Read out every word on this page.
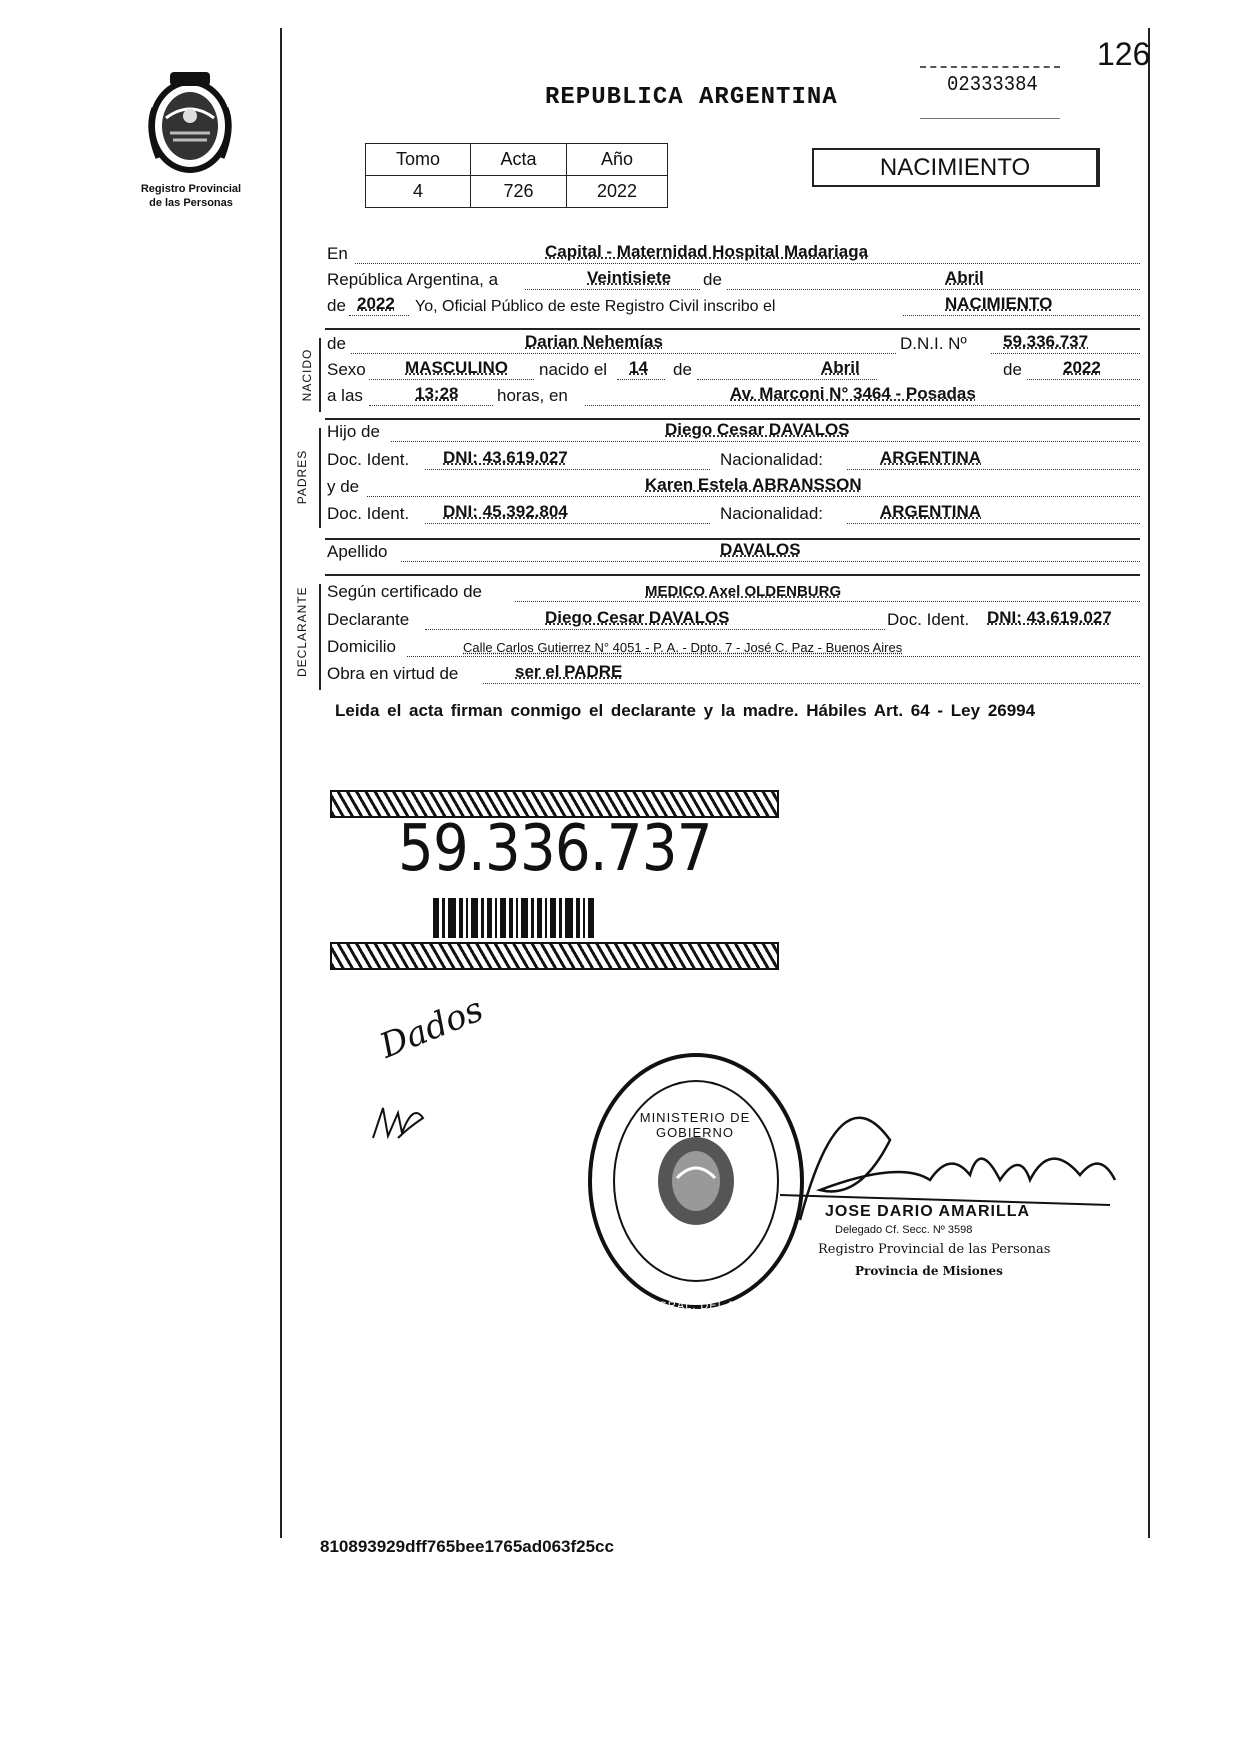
126
Registro Provincial
de las Personas
REPUBLICA ARGENTINA	02333384
Tomo	Acta	Año
4	726	2022
NACIMIENTO
En	Capital - Maternidad Hospital Madariaga
República Argentina, a	Veintisiete de	Abril
de 2022 Yo, Oficial Público de este Registro Civil inscribo el	NACIMIENTO
NACIDO
de	Darian Nehemías	D.N.I. Nº 59.336.737
Sexo MASCULINO nacido el 14 de	Abril	de 2022
a las	13:28 horas, en	Av. Marconi N° 3464 - Posadas
PADRES
Hijo de	Diego Cesar DAVALOS
Doc. Ident. DNI: 43.619.027	Nacionalidad:	ARGENTINA
y de	Karen Estela ABRANSSON
Doc. Ident. DNI: 45.392.804	Nacionalidad:	ARGENTINA
Apellido	DAVALOS
DECLARANTE Según certificado de	MEDICO Axel OLDENBURG
Declarante	Diego Cesar DAVALOS	Doc. Ident. DNI: 43.619.027
Domicilio	Calle Carlos Gutierrez N° 4051 - P. A. - Dpto. 7 - José C. Paz - Buenos Aires
Obra en virtud de	ser el PADRE
Leida el acta firman conmigo el declarante y la madre. Hábiles Art. 64 - Ley 26994
59.336.737
Dados
DIRECC. GRAL. DEL REGISTRO PROVINCIAL DE LAS PERSONAS
MINISTERIO DE GOBIERNO
JOSE DARIO AMARILLA
Delegado Cf. Secc. Nº 3598
Registro Provincial de las Personas
Provincia de Misiones
810893929dff765bee1765ad063f25cc
